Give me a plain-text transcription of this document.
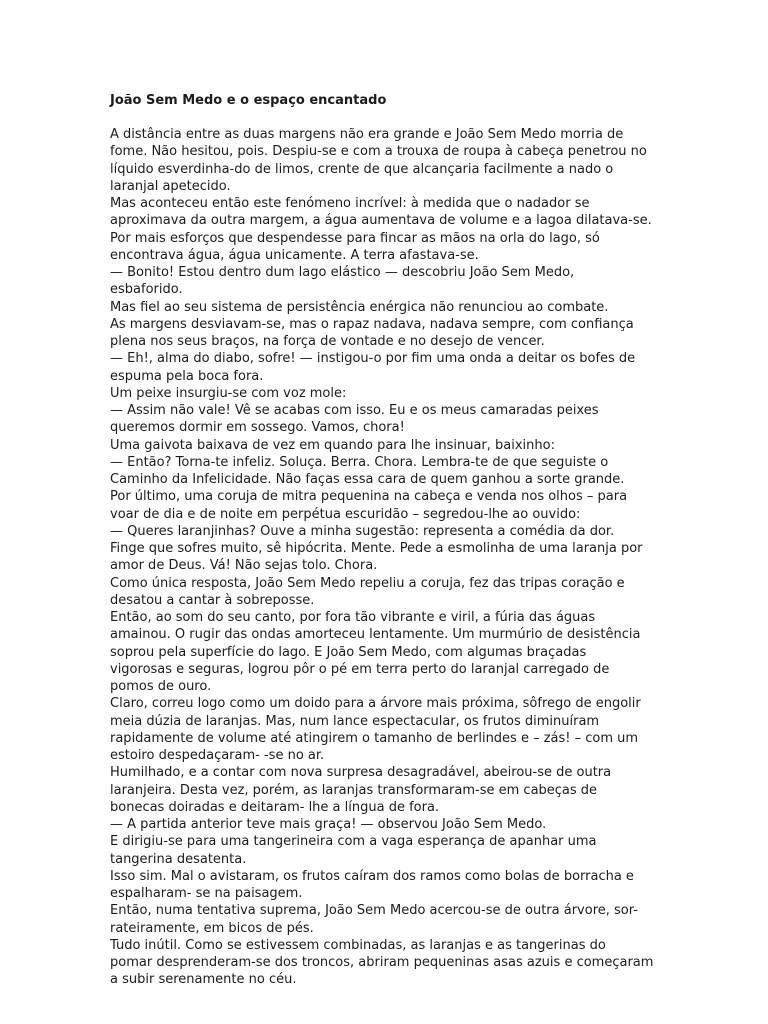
João Sem Medo e o espaço encantado
A distância entre as duas margens não era grande e João Sem Medo morria de
fome. Não hesitou, pois. Despiu-se e com a trouxa de roupa à cabeça penetrou no
líquido esverdinha-do de limos, crente de que alcançaria facilmente a nado o
laranjal apetecido.
Mas aconteceu então este fenómeno incrível: à medida que o nadador se
aproximava da outra margem, a água aumentava de volume e a lagoa dilatava-se.
Por mais esforços que despendesse para fincar as mãos na orla do lago, só
encontrava água, água unicamente. A terra afastava-se.
— Bonito! Estou dentro dum lago elástico — descobriu João Sem Medo,
esbaforido.
Mas fiel ao seu sistema de persistência enérgica não renunciou ao combate.
As margens desviavam-se, mas o rapaz nadava, nadava sempre, com confiança
plena nos seus braços, na força de vontade e no desejo de vencer.
— Eh!, alma do diabo, sofre! — instigou-o por fim uma onda a deitar os bofes de
espuma pela boca fora.
Um peixe insurgiu-se com voz mole:
— Assim não vale! Vê se acabas com isso. Eu e os meus camaradas peixes
queremos dormir em sossego. Vamos, chora!
Uma gaivota baixava de vez em quando para lhe insinuar, baixinho:
— Então? Torna-te infeliz. Soluça. Berra. Chora. Lembra-te de que seguiste o
Caminho da Infelicidade. Não faças essa cara de quem ganhou a sorte grande.
Por último, uma coruja de mitra pequenina na cabeça e venda nos olhos – para
voar de dia e de noite em perpétua escuridão – segredou-lhe ao ouvido:
— Queres laranjinhas? Ouve a minha sugestão: representa a comédia da dor.
Finge que sofres muito, sê hipócrita. Mente. Pede a esmolinha de uma laranja por
amor de Deus. Vá! Não sejas tolo. Chora.
Como única resposta, João Sem Medo repeliu a coruja, fez das tripas coração e
desatou a cantar à sobreposse.
Então, ao som do seu canto, por fora tão vibrante e viril, a fúria das águas
amainou. O rugir das ondas amorteceu lentamente. Um murmúrio de desistência
soprou pela superfície do lago. E João Sem Medo, com algumas braçadas
vigorosas e seguras, logrou pôr o pé em terra perto do laranjal carregado de
pomos de ouro.
Claro, correu logo como um doido para a árvore mais próxima, sôfrego de engolir
meia dúzia de laranjas. Mas, num lance espectacular, os frutos diminuíram
rapidamente de volume até atingirem o tamanho de berlindes e – zás! – com um
estoiro despedaçaram- -se no ar.
Humilhado, e a contar com nova surpresa desagradável, abeirou-se de outra
laranjeira. Desta vez, porém, as laranjas transformaram-se em cabeças de
bonecas doiradas e deitaram- lhe a língua de fora.
— A partida anterior teve mais graça! — observou João Sem Medo.
E dirigiu-se para uma tangerineira com a vaga esperança de apanhar uma
tangerina desatenta.
Isso sim. Mal o avistaram, os frutos caíram dos ramos como bolas de borracha e
espalharam- se na paisagem.
Então, numa tentativa suprema, João Sem Medo acercou-se de outra árvore, sor-
rateiramente, em bicos de pés.
Tudo inútil. Como se estivessem combinadas, as laranjas e as tangerinas do
pomar desprenderam-se dos troncos, abriram pequeninas asas azuis e começaram
a subir serenamente no céu.
